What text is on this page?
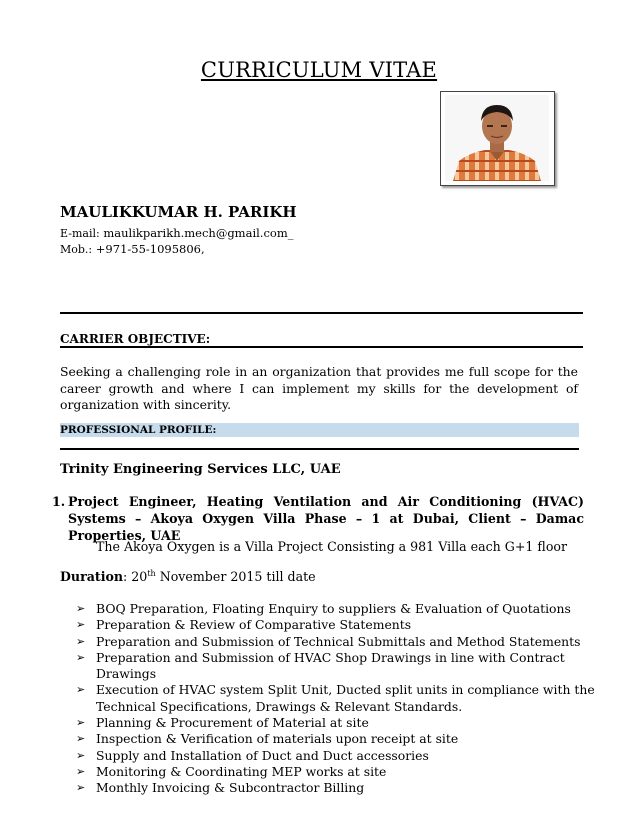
CURRICULUM VITAE
MAULIKKUMAR H. PARIKH
E-mail: maulikparikh.mech@gmail.com_
Mob.: +971-55-1095806,
CARRIER OBJECTIVE:
Seeking a challenging role in an organization that provides me full scope for the career growth and where I can implement my skills for the development of organization with sincerity.
PROFESSIONAL PROFILE:
Trinity Engineering Services LLC, UAE
1. Project Engineer, Heating Ventilation and Air Conditioning (HVAC) Systems – Akoya Oxygen Villa Phase – 1 at Dubai, Client – Damac Properties, UAE
The Akoya Oxygen is a Villa Project Consisting a 981 Villa each G+1 floor
Duration: 20th November 2015 till date
➢ BOQ Preparation, Floating Enquiry to suppliers & Evaluation of Quotations
➢ Preparation & Review of Comparative Statements
➢ Preparation and Submission of Technical Submittals and Method Statements
➢ Preparation and Submission of HVAC Shop Drawings in line with Contract Drawings
➢ Execution of HVAC system Split Unit, Ducted split units in compliance with the Technical Specifications, Drawings & Relevant Standards.
➢ Planning & Procurement of Material at site
➢ Inspection & Verification of materials upon receipt at site
➢ Supply and Installation of Duct and Duct accessories
➢ Monitoring & Coordinating MEP works at site
➢ Monthly Invoicing & Subcontractor Billing
